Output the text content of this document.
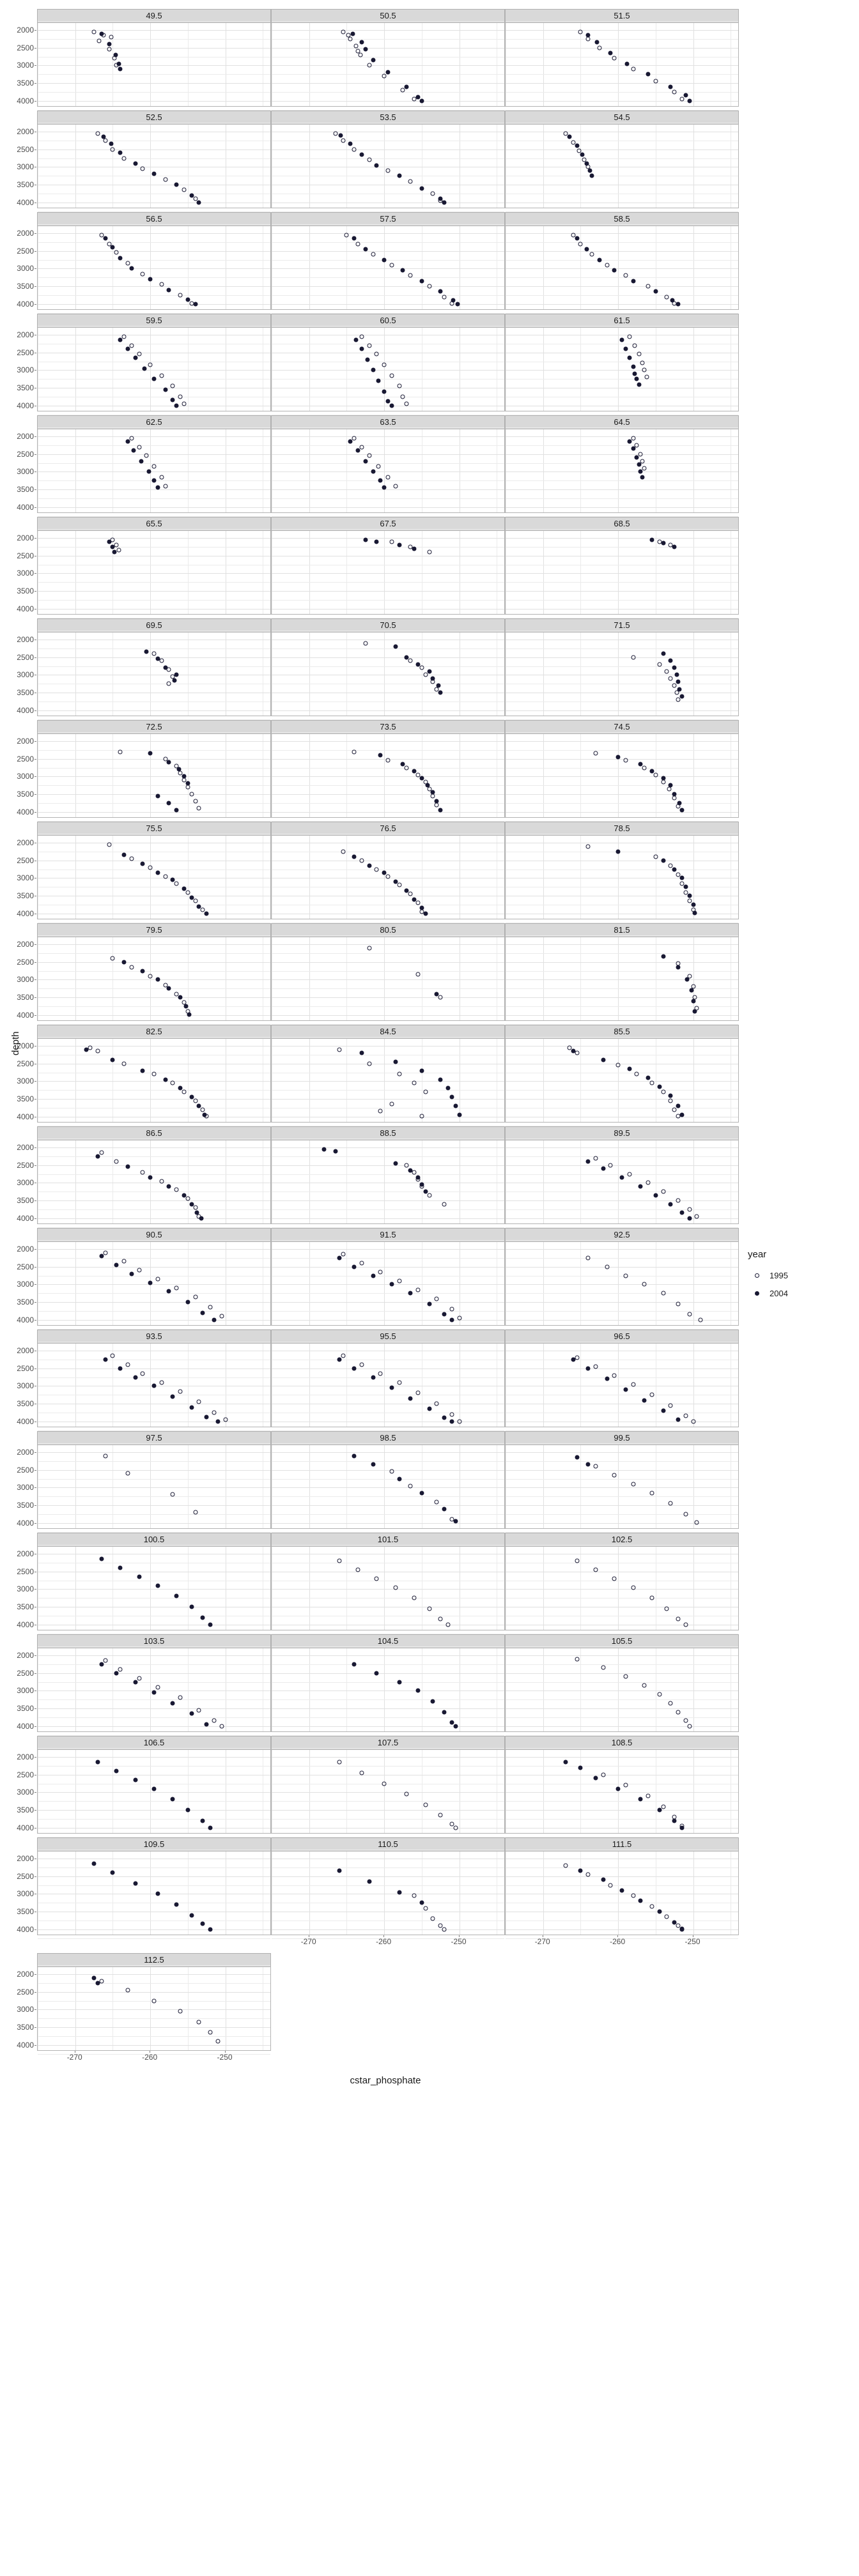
49.5
2000
2500
3000
3500
4000
50.5	51.5
52.5
2000
2500
3000
3500
4000
53.5	54.5
56.5
2000
2500
3000
3500
4000
57.5	58.5
59.5
2000
2500
3000
3500
4000
60.5	61.5
62.5
2000
2500
3000
3500
4000
63.5	64.5
65.5
2000
2500
3000
3500
4000
67.5	68.5
69.5
2000
2500
3000
3500
4000
70.5	71.5
72.5
2000
2500
3000
3500
4000
73.5	74.5
75.5
2000
2500
3000
3500
4000
76.5	78.5
79.5
2000
2500
3000
3500
4000
80.5	81.5
82.5
2000
2500
3000
3500
4000
84.5	85.5
86.5
2000
2500
3000
3500
4000
88.5	89.5
90.5
2000
2500
3000
3500
4000
91.5	92.5
93.5
2000
2500
3000
3500
4000
95.5	96.5
97.5
2000
2500
3000
3500
4000
98.5	99.5
100.5
2000
2500
3000
3500
4000
101.5	102.5
103.5
2000
2500
3000
3500
4000
104.5	105.5
106.5
2000
2500
3000
3500
4000
107.5	108.5
109.5
2000
2500
3000
3500
4000
110.5
-270	-260	-250
111.5
-270	-260	-250
112.5
2000
2500
3000
3500
4000
-270	-260	-250
depth
cstar_phosphate
year
1995
2004
